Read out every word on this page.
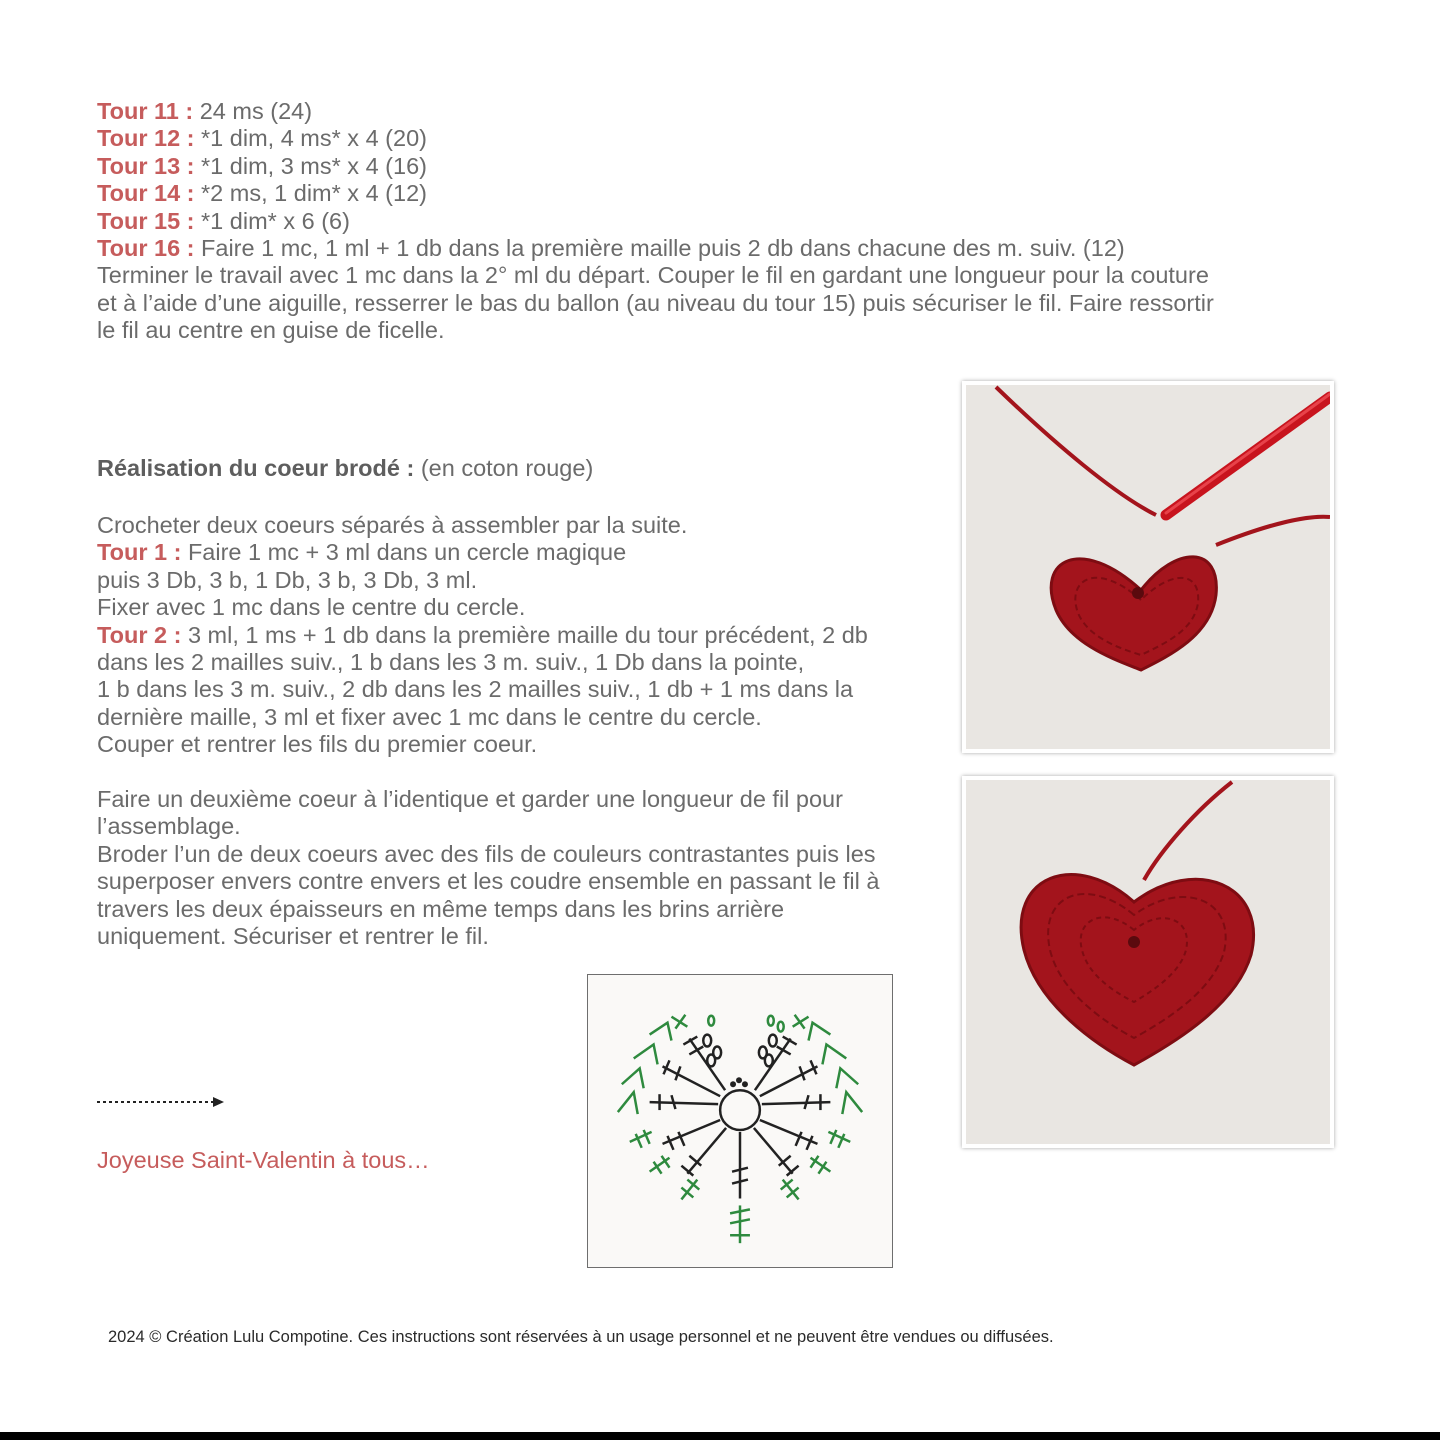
Tour 11 : 24 ms (24)
Tour 12 : *1 dim, 4 ms* x 4 (20)
Tour 13 : *1 dim, 3 ms* x 4 (16)
Tour 14 : *2 ms, 1 dim* x 4 (12)
Tour 15 : *1 dim* x 6 (6)
Tour 16 : Faire 1 mc, 1 ml + 1 db dans la première maille puis 2 db dans chacune des m. suiv. (12)
Terminer le travail avec 1 mc dans la 2° ml du départ. Couper le fil en gardant une longueur pour la couture
et à l’aide d’une aiguille, resserrer le bas du ballon (au niveau du tour 15) puis sécuriser le fil. Faire ressortir
le fil au centre en guise de ficelle.
Réalisation du coeur brodé : (en coton rouge)
Crocheter deux coeurs séparés à assembler par la suite.
Tour 1 : Faire 1 mc + 3 ml dans un cercle magique
puis 3 Db, 3 b, 1 Db, 3 b, 3 Db, 3 ml.
Fixer avec 1 mc dans le centre du cercle.
Tour 2 : 3 ml, 1 ms + 1 db dans la première maille du tour précédent, 2 db
dans les 2 mailles suiv., 1 b dans les 3 m. suiv., 1 Db dans la pointe,
1 b dans les 3 m. suiv., 2 db dans les 2 mailles suiv., 1 db + 1 ms dans la
dernière maille, 3 ml et fixer avec 1 mc dans le centre du cercle.
Couper et rentrer les fils du premier coeur.
Faire un deuxième coeur à l’identique et garder une longueur de fil pour
l’assemblage.
Broder l’un de deux coeurs avec des fils de couleurs contrastantes puis les
superposer envers contre envers et les coudre ensemble en passant le fil à
travers les deux épaisseurs en même temps dans les brins arrière
uniquement. Sécuriser et rentrer le fil.
Joyeuse Saint-Valentin à tous…
2024 © Création Lulu Compotine. Ces instructions sont réservées à un usage personnel et ne peuvent être vendues ou diffusées.
